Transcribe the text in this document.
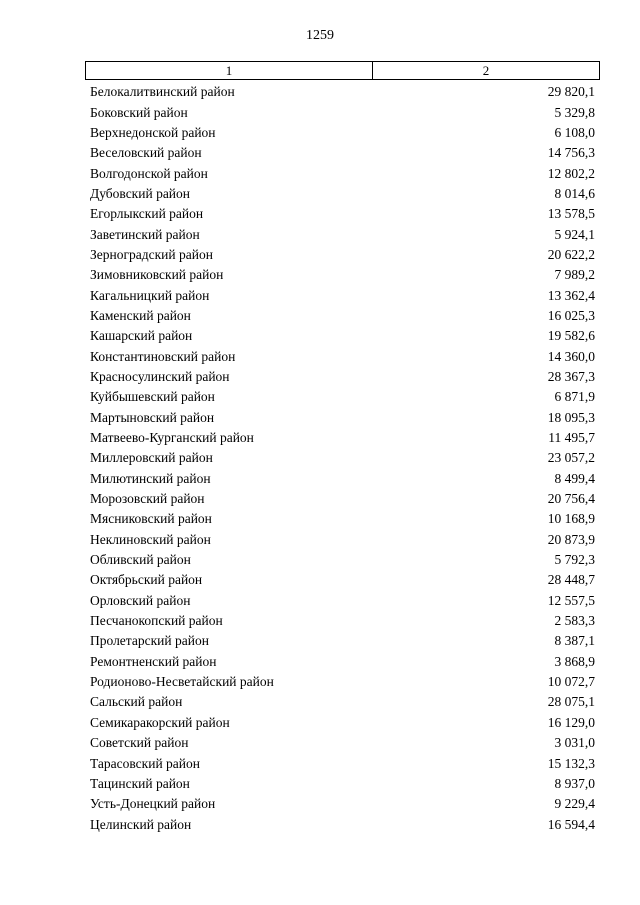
1259
1	2
Белокалитвинский район	29 820,1
Боковский район	5 329,8
Верхнедонской район	6 108,0
Веселовский район	14 756,3
Волгодонской район	12 802,2
Дубовский район	8 014,6
Егорлыкский район	13 578,5
Заветинский район	5 924,1
Зерноградский район	20 622,2
Зимовниковский район	7 989,2
Кагальницкий район	13 362,4
Каменский район	16 025,3
Кашарский район	19 582,6
Константиновский район	14 360,0
Красносулинский район	28 367,3
Куйбышевский район	6 871,9
Мартыновский район	18 095,3
Матвеево-Курганский район	11 495,7
Миллеровский район	23 057,2
Милютинский район	8 499,4
Морозовский район	20 756,4
Мясниковский район	10 168,9
Неклиновский район	20 873,9
Обливский район	5 792,3
Октябрьский район	28 448,7
Орловский район	12 557,5
Песчанокопский район	2 583,3
Пролетарский район	8 387,1
Ремонтненский район	3 868,9
Родионово-Несветайский район	10 072,7
Сальский район	28 075,1
Семикаракорский район	16 129,0
Советский район	3 031,0
Тарасовский район	15 132,3
Тацинский район	8 937,0
Усть-Донецкий район	9 229,4
Целинский район	16 594,4
